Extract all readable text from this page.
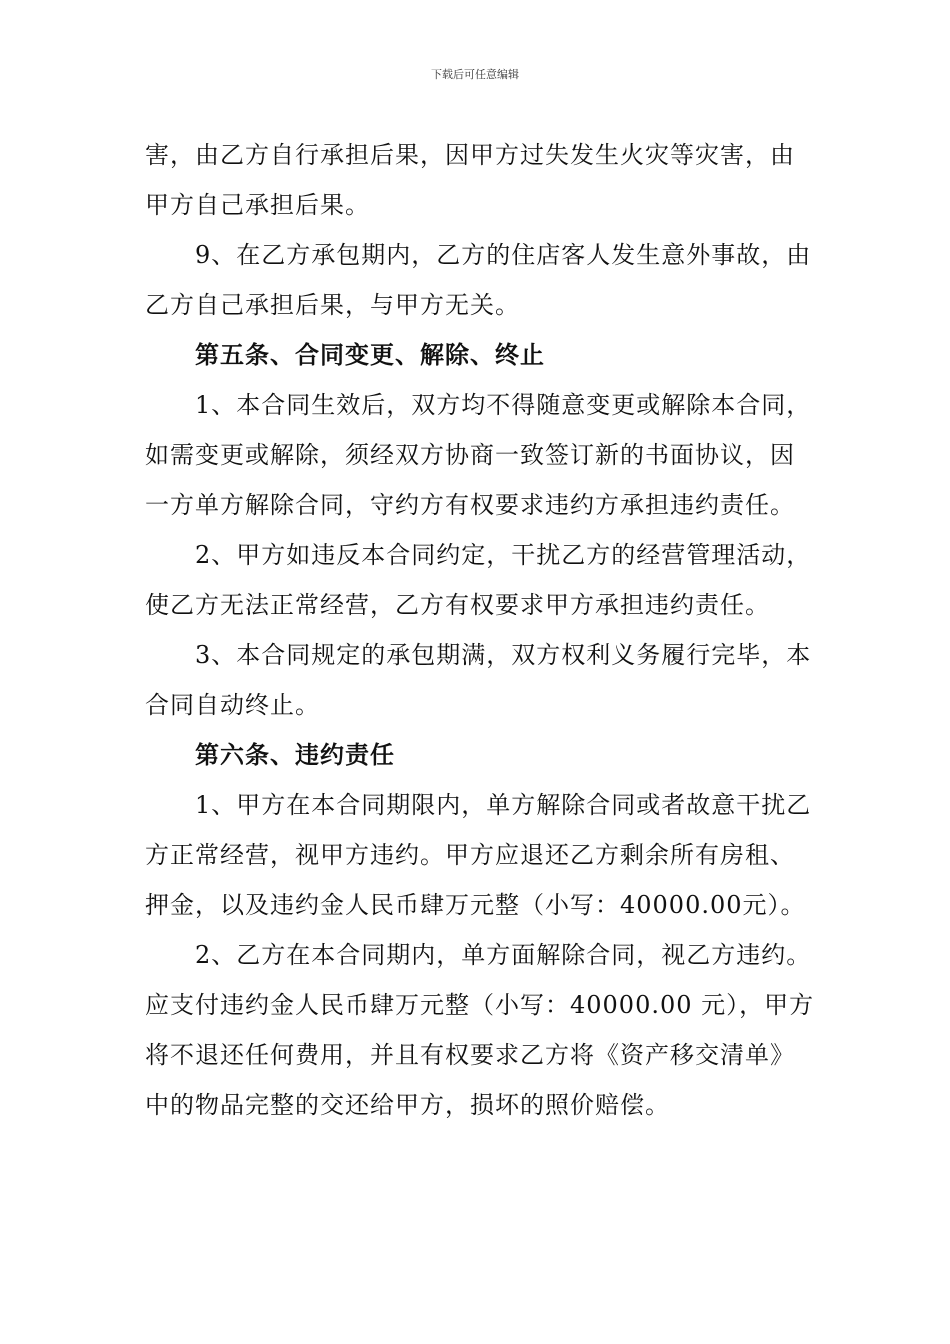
下载后可任意编辑

害，由乙方自行承担后果，因甲方过失发生火灾等灾害，由甲方自己承担后果。

9、在乙方承包期内，乙方的住店客人发生意外事故，由乙方自己承担后果，与甲方无关。

第五条、合同变更、解除、终止

1、本合同生效后，双方均不得随意变更或解除本合同，如需变更或解除，须经双方协商一致签订新的书面协议，因一方单方解除合同，守约方有权要求违约方承担违约责任。

2、甲方如违反本合同约定，干扰乙方的经营管理活动，使乙方无法正常经营，乙方有权要求甲方承担违约责任。

3、本合同规定的承包期满，双方权利义务履行完毕，本合同自动终止。

第六条、违约责任

1、甲方在本合同期限内，单方解除合同或者故意干扰乙方正常经营，视甲方违约。甲方应退还乙方剩余所有房租、押金，以及违约金人民币肆万元整（小写：40000.00元）。

2、乙方在本合同期内，单方面解除合同，视乙方违约。应支付违约金人民币肆万元整（小写：40000.00 元），甲方将不退还任何费用，并且有权要求乙方将《资产移交清单》中的物品完整的交还给甲方，损坏的照价赔偿。
